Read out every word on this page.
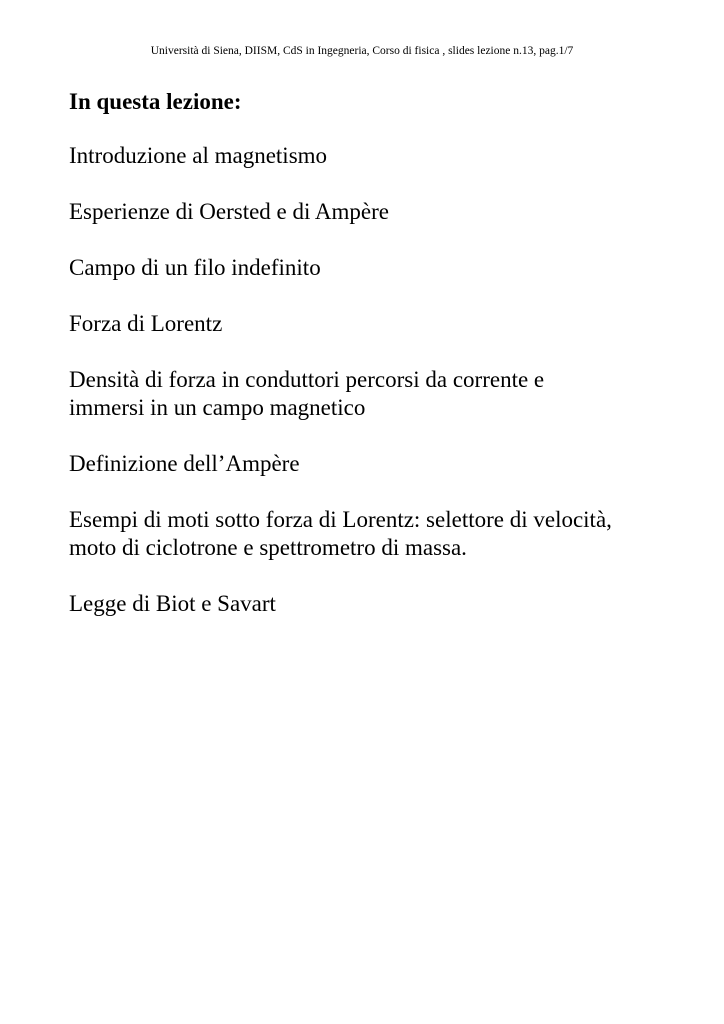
Università di Siena, DIISM, CdS in Ingegneria, Corso di fisica , slides lezione n.13, pag.1/7
In questa lezione:
Introduzione al magnetismo
Esperienze di Oersted e di Ampère
Campo di un filo indefinito
Forza di Lorentz
Densità di forza in conduttori percorsi da corrente e
immersi in un campo magnetico
Definizione dell’Ampère
Esempi di moti sotto forza di Lorentz: selettore di velocità,
moto di ciclotrone e spettrometro di massa.
Legge di Biot e Savart
